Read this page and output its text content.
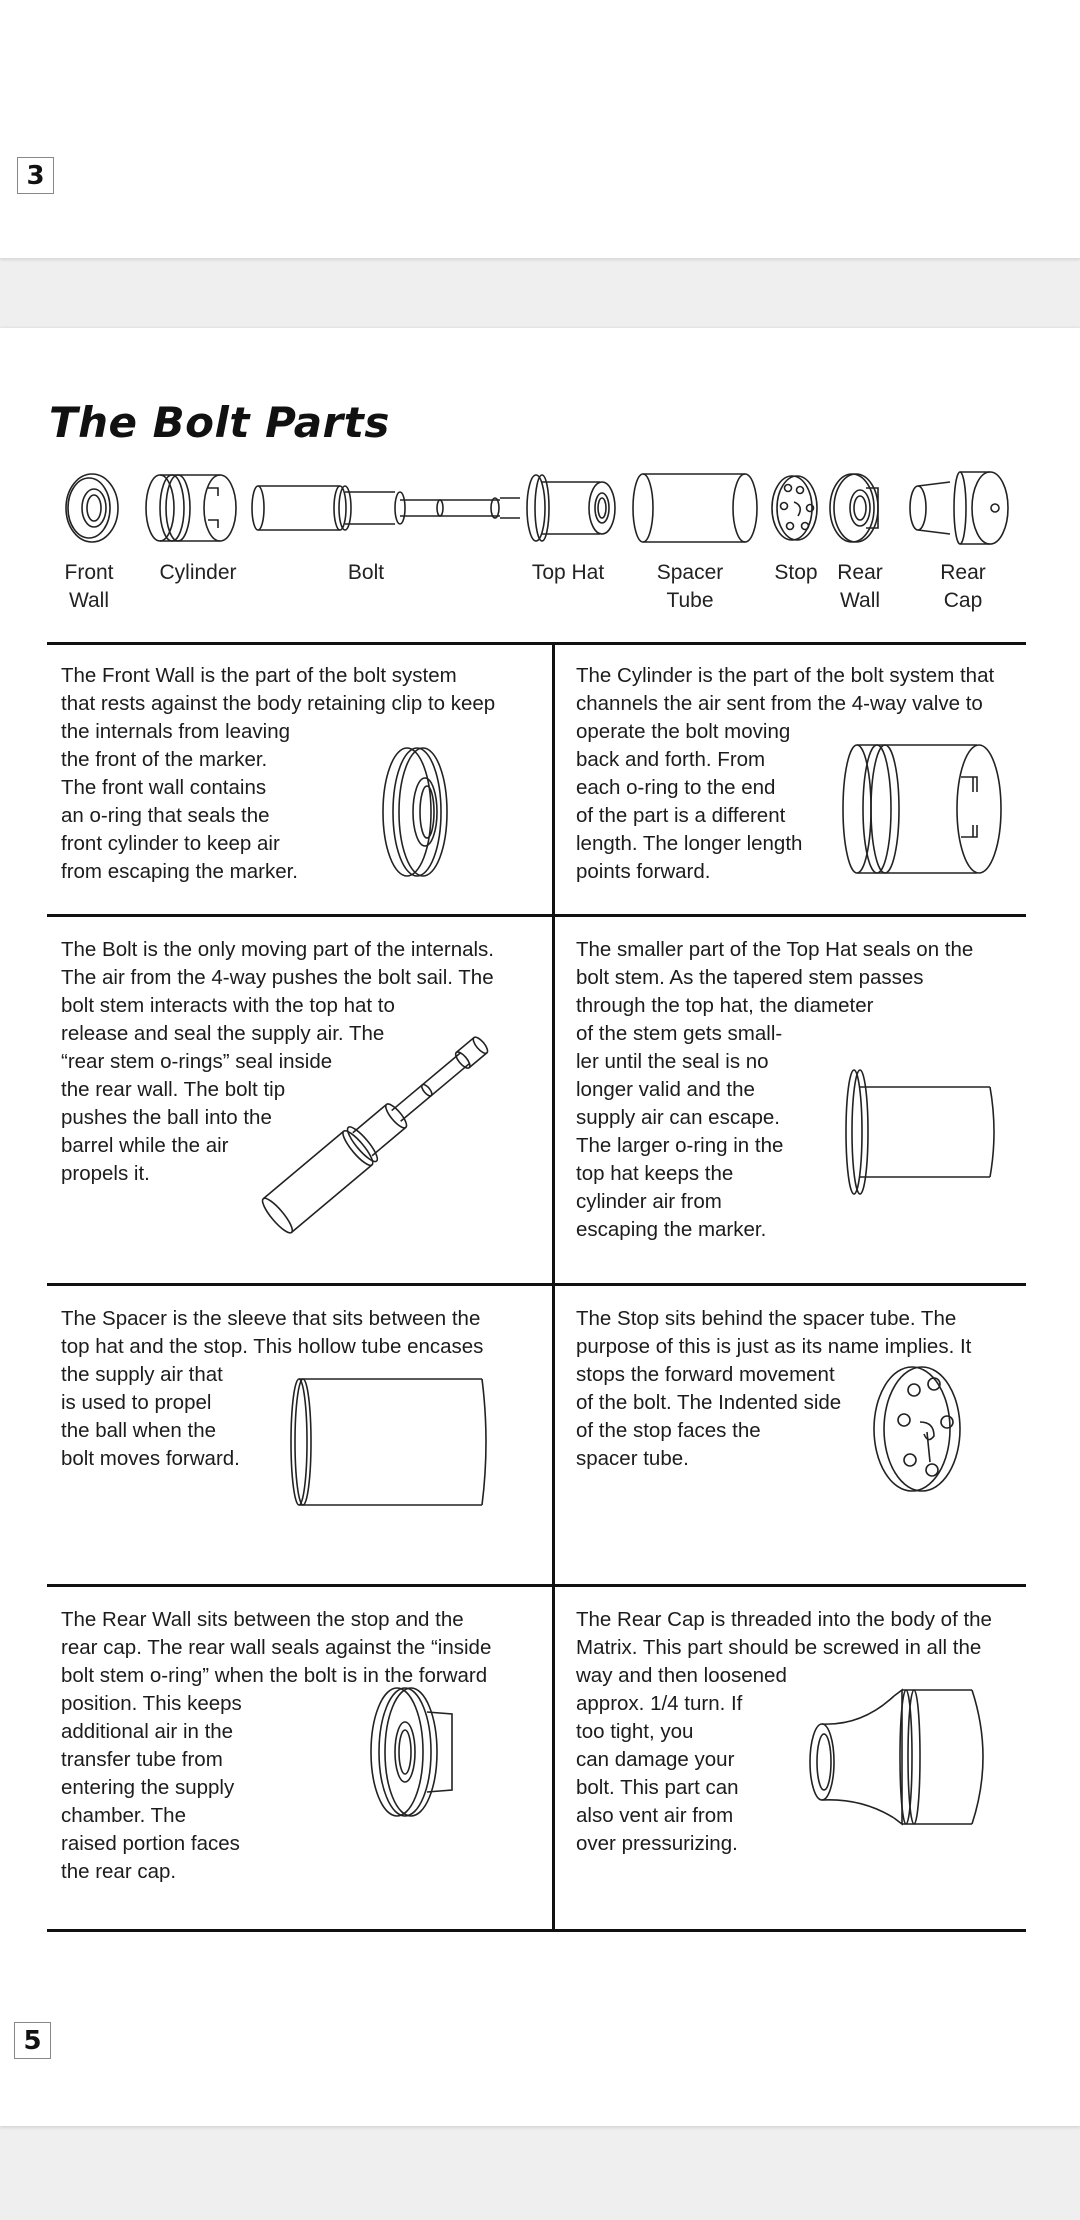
3
The Bolt Parts
Front
Wall
Cylinder	Bolt	Top Hat	Spacer
Tube
Stop Rear
Wall
Rear
Cap
The Front Wall is the part of the bolt system
that rests against the body retaining clip to keep
the internals from leaving
the front of the marker.
The front wall contains
an o-ring that seals the
front cylinder to keep air
from escaping the marker.
The Cylinder is the part of the bolt system that
channels the air sent from the 4-way valve to
operate the bolt moving
back and forth. From
each o-ring to the end
of the part is a different
length. The longer length
points forward.
The Bolt is the only moving part of the internals.
The air from the 4-way pushes the bolt sail. The
bolt stem interacts with the top hat to
release and seal the supply air. The
“rear stem o-rings” seal inside
the rear wall. The bolt tip
pushes the ball into the
barrel while the air
propels it.
The smaller part of the Top Hat seals on the
bolt stem. As the tapered stem passes
through the top hat, the diameter
of the stem gets small-
ler until the seal is no
longer valid and the
supply air can escape.
The larger o-ring in the
top hat keeps the
cylinder air from
escaping the marker.
The Spacer is the sleeve that sits between the
top hat and the stop. This hollow tube encases
the supply air that
is used to propel
the ball when the
bolt moves forward.
The Stop sits behind the spacer tube. The
purpose of this is just as its name implies. It
stops the forward movement
of the bolt. The Indented side
of the stop faces the
spacer tube.
The Rear Wall sits between the stop and the
rear cap. The rear wall seals against the “inside
bolt stem o-ring” when the bolt is in the forward
position. This keeps
additional air in the
transfer tube from
entering the supply
chamber. The
raised portion faces
the rear cap.
The Rear Cap is threaded into the body of the
Matrix. This part should be screwed in all the
way and then loosened
approx. 1/4 turn. If
too tight, you
can damage your
bolt. This part can
also vent air from
over pressurizing.
5
